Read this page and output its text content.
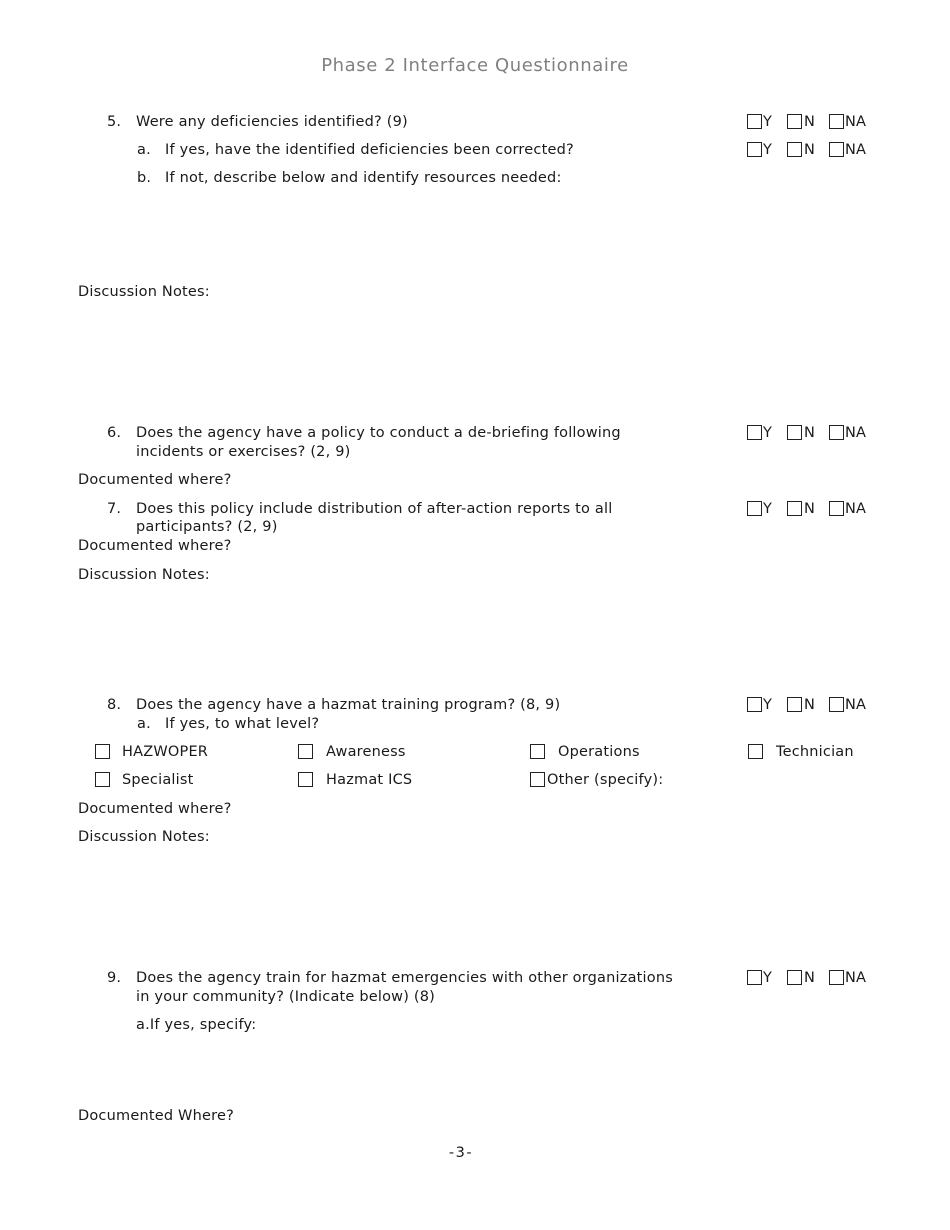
Phase 2 Interface Questionnaire
5. Were any deficiencies identified? (9)	Y N NA
a. If yes, have the identified deficiencies been corrected?	Y N NA
b. If not, describe below and identify resources needed:
Discussion Notes:
6. Does the agency have a policy to conduct a de-briefing following
incidents or exercises? (2, 9)
Y N NA
Documented where?
7. Does this policy include distribution of after-action reports to all
participants? (2, 9)
Y N NA
Documented where?
Discussion Notes:
8. Does the agency have a hazmat training program? (8, 9)	Y N NA
a. If yes, to what level?
HAZWOPER	Awareness	Operations	Technician
Specialist	Hazmat ICS	Other (specify):
Documented where?
Discussion Notes:
9. Does the agency train for hazmat emergencies with other organizations
in your community? (Indicate below) (8)
Y N NA
a.If yes, specify:
Documented Where?
-3-
